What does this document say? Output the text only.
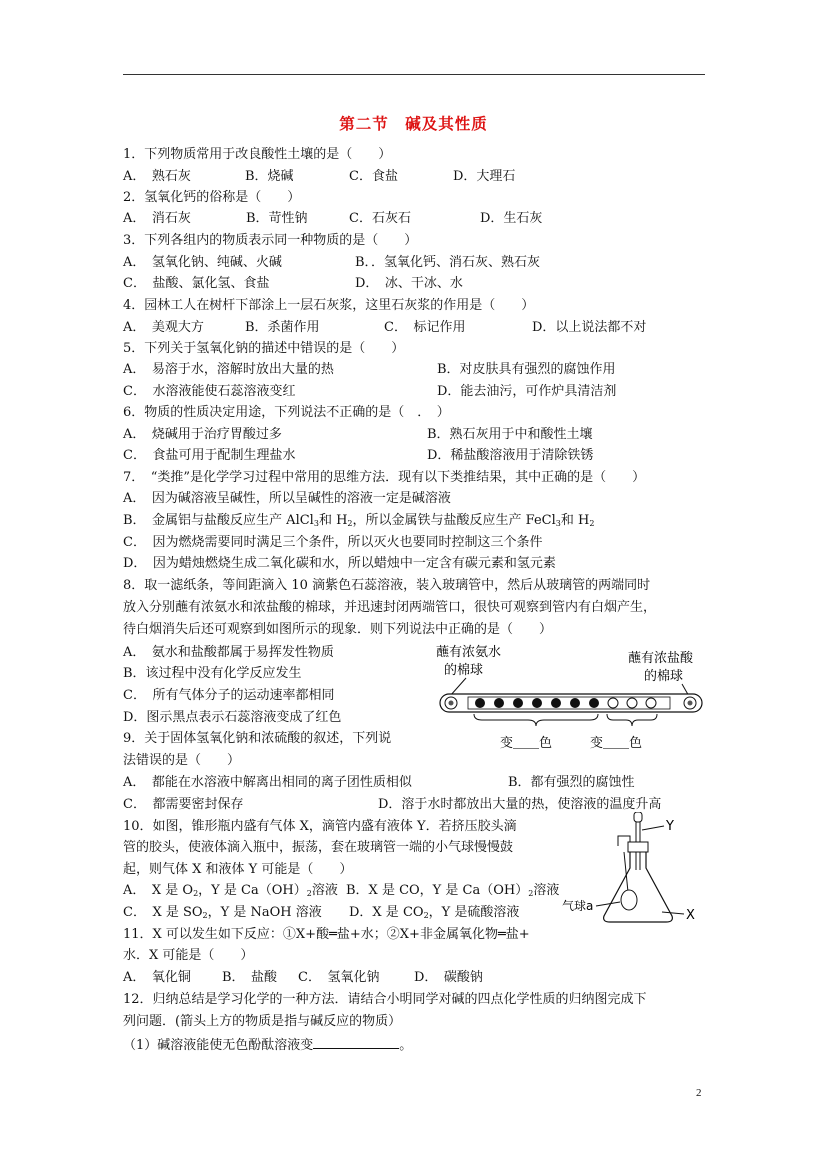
第二节　碱及其性质
1．下列物质常用于改良酸性土壤的是（　　）
A．　熟石灰	B．烧碱	C．食盐	D．大理石
2．氢氧化钙的俗称是（　　）
A．　消石灰	B．苛性钠	C．石灰石	D．生石灰
3．下列各组内的物质表示同一种物质的是（　　）
A．　氢氧化钠、纯碱、火碱	B．．氢氧化钙、消石灰、熟石灰
C．　盐酸、氯化氢、食盐	D．　冰、干冰、水
4．园林工人在树杆下部涂上一层石灰浆，这里石灰浆的作用是（　　）
A．　美观大方	B．杀菌作用	C．　标记作用	D．以上说法都不对
5．下列关于氢氧化钠的描述中错误的是（　　）
A．　易溶于水，溶解时放出大量的热	B．对皮肤具有强烈的腐蚀作用
C．　水溶液能使石蕊溶液变红	D．能去油污，可作炉具清洁剂
6．物质的性质决定用途，下列说法不正确的是（　．　）
A．　烧碱用于治疗胃酸过多	B．熟石灰用于中和酸性土壤
C．　食盐可用于配制生理盐水	D．稀盐酸溶液用于清除铁锈
7．　“类推”是化学学习过程中常用的思维方法．现有以下类推结果，其中正确的是（　　）
A．　因为碱溶液呈碱性，所以呈碱性的溶液一定是碱溶液
B．　金属铝与盐酸反应生产 AlCl$_3$和 $H_2$，所以金属铁与盐酸反应生产 FeCl$_3$和 $H_2$
C．　因为燃烧需要同时满足三个条件，所以灭火也要同时控制这三个条件
D．　因为蜡烛燃烧生成二氧化碳和水，所以蜡烛中一定含有碳元素和氢元素
8．取一滤纸条，等间距滴入 10 滴紫色石蕊溶液，装入玻璃管中，然后从玻璃管的两端同时
放入分别蘸有浓氨水和浓盐酸的棉球，并迅速封闭两端管口，很快可观察到管内有白烟产生，
待白烟消失后还可观察到如图所示的现象．则下列说法中正确的是（　　）
A．　氨水和盐酸都属于易挥发性物质
B．该过程中没有化学反应发生
C．　所有气体分子的运动速率都相同
D．图示黑点表示石蕊溶液变成了红色
蘸有浓氨水
的棉球
蘸有浓盐酸
的棉球
变＿＿色	变＿＿色
9．关于固体氢氧化钠和浓硫酸的叙述，下列说
法错误的是（　　）
A．　都能在水溶液中解离出相同的离子团性质相似	B．都有强烈的腐蚀性
C．　都需要密封保存	D．溶于水时都放出大量的热，使溶液的温度升高
10．如图，锥形瓶内盛有气体 X，滴管内盛有液体 Y．若挤压胶头滴
管的胶头，使液体滴入瓶中，振荡，套在玻璃管一端的小气球慢慢鼓
起，则气体 X 和液体 Y 可能是（　　）
A．　X 是 $O_2$，Y 是 $Ca(OH)_2$溶液 B．X 是 CO，Y 是 $Ca(OH)_2$溶液
C．　X 是 $SO_2$，Y 是 NaOH 溶液 D．X 是 $CO_2$，Y 是硫酸溶液
Y
气球a
X
11．X 可以发生如下反应：①X+酸═盐+水；②X+非金属氧化物═盐+
水．X 可能是（　　）
A．　氧化铜 B．　盐酸 C．　氢氧化钠	D．　碳酸钠
12．归纳总结是学习化学的一种方法．请结合小明同学对碱的四点化学性质的归纳图完成下
列问题．(箭头上方的物质是指与碱反应的物质）
（1）碱溶液能使无色酚酞溶液变	。
2
